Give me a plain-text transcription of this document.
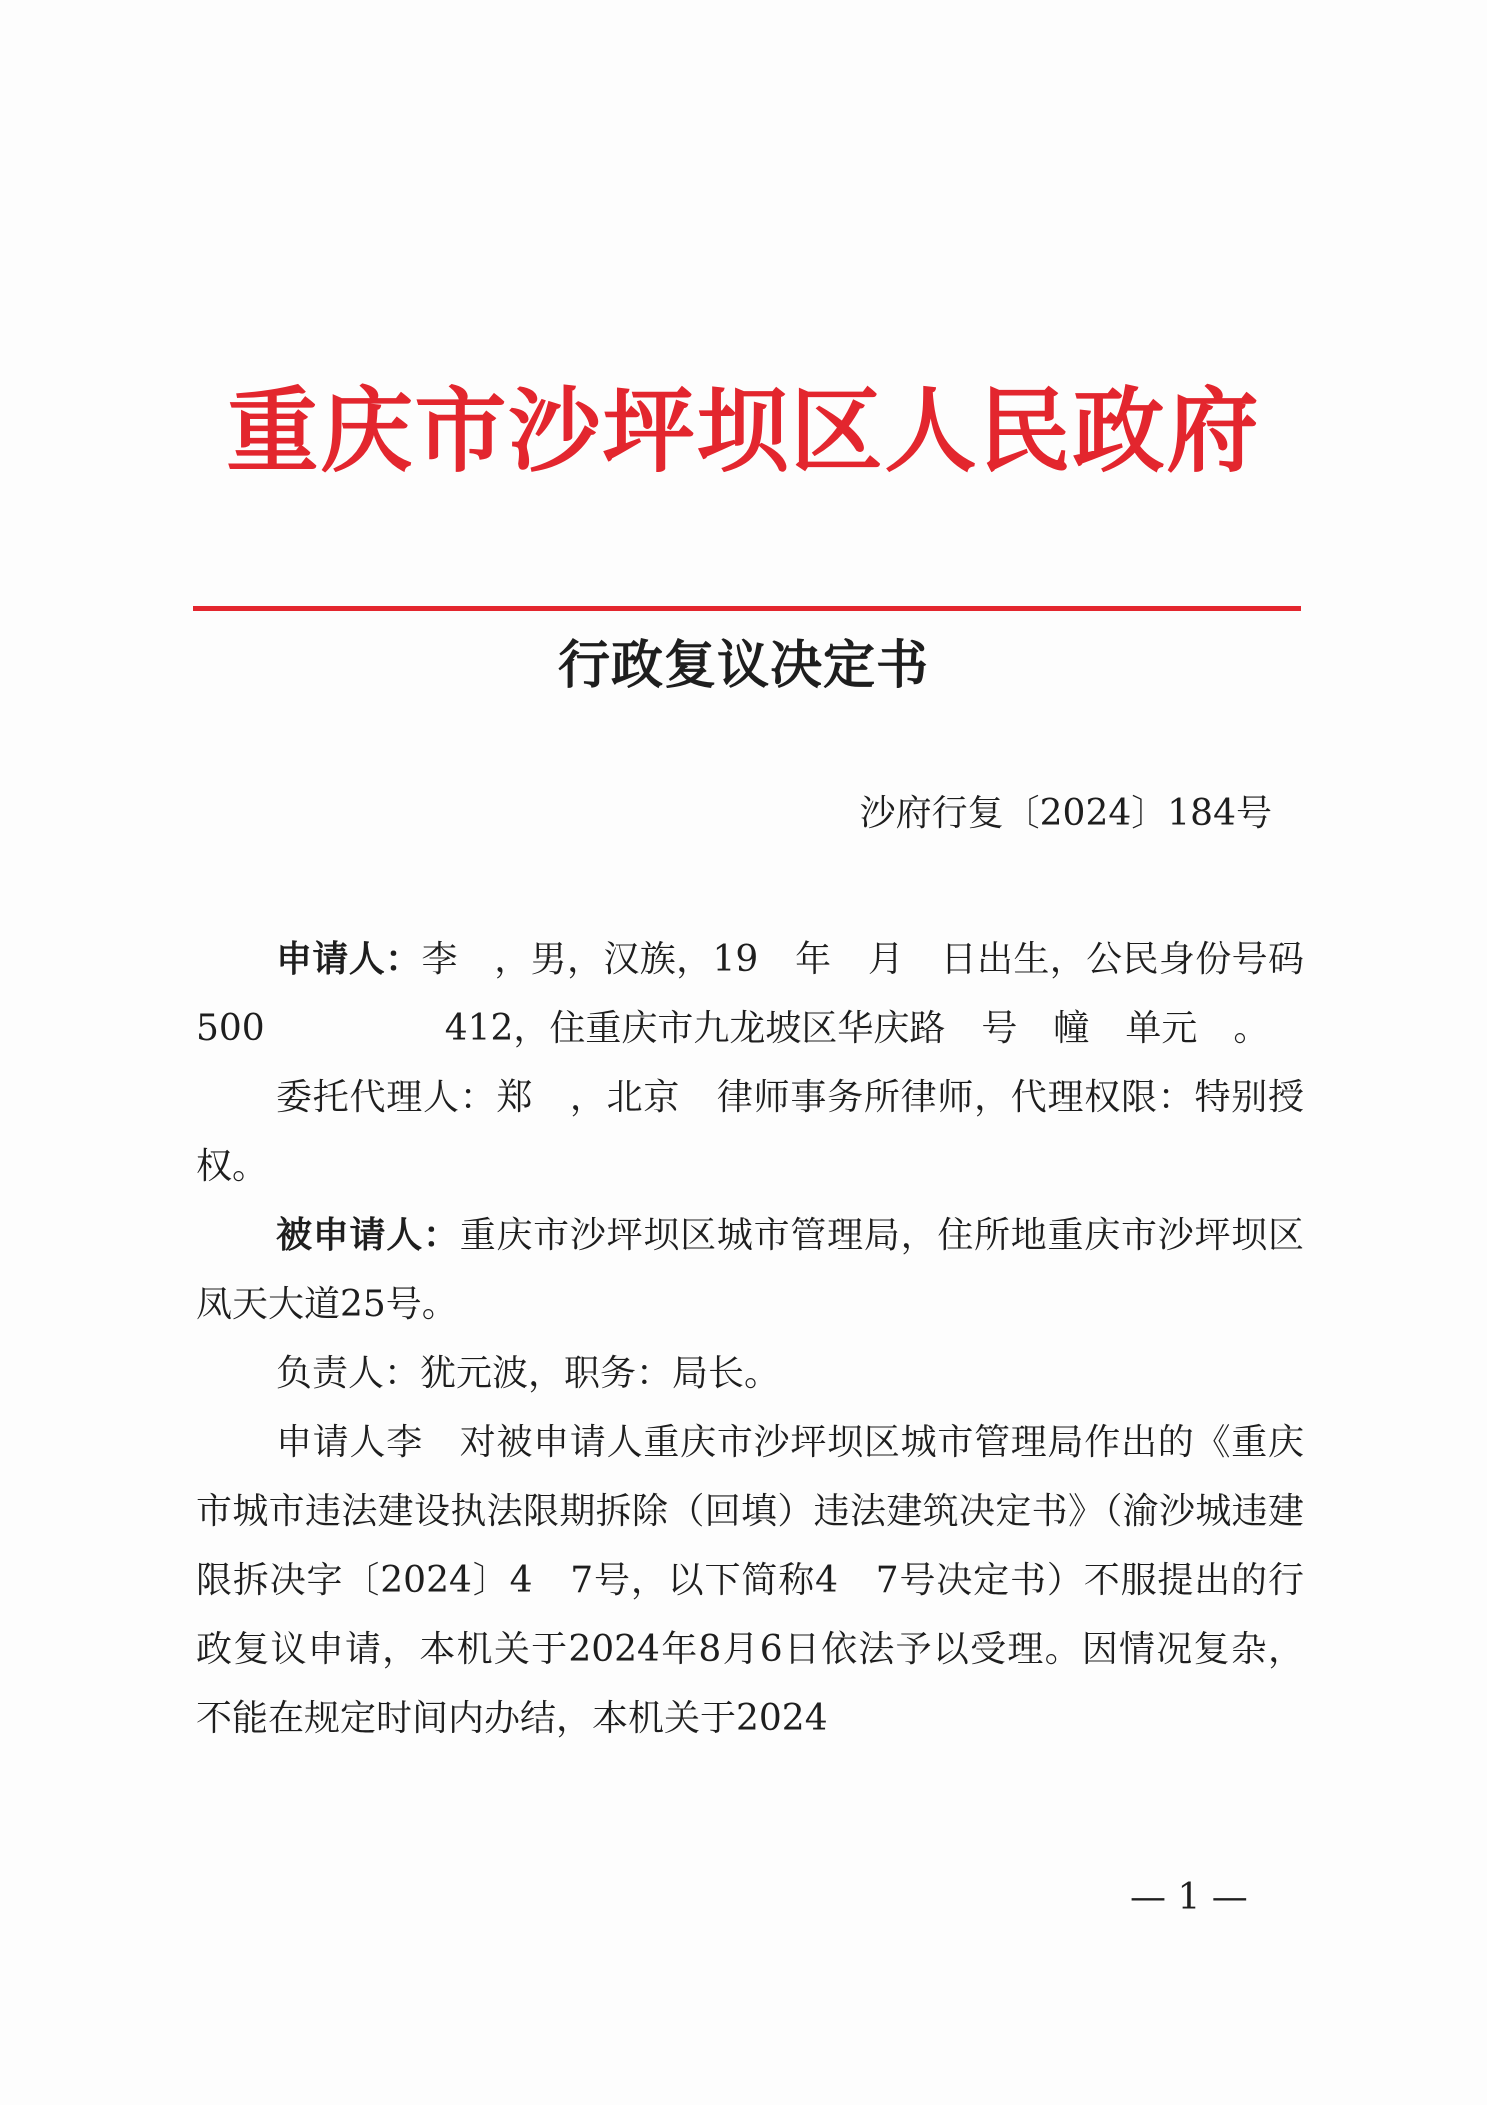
重庆市沙坪坝区人民政府
行政复议决定书
沙府行复〔2024〕184号

申请人：李　，男，汉族，19　年　月　日出生，公民身份号码500　　　　　412，住重庆市九龙坡区华庆路　号　幢　单元　。

委托代理人：郑　，北京　律师事务所律师，代理权限：特别授权。

被申请人：重庆市沙坪坝区城市管理局，住所地重庆市沙坪坝区凤天大道25号。

负责人：犹元波，职务：局长。

申请人李　对被申请人重庆市沙坪坝区城市管理局作出的《重庆市城市违法建设执法限期拆除（回填）违法建筑决定书》（渝沙城违建限拆决字〔2024〕4　7号，以下简称4　7号决定书）不服提出的行政复议申请，本机关于2024年8月6日依法予以受理。因情况复杂，不能在规定时间内办结，本机关于2024

— 1 —
